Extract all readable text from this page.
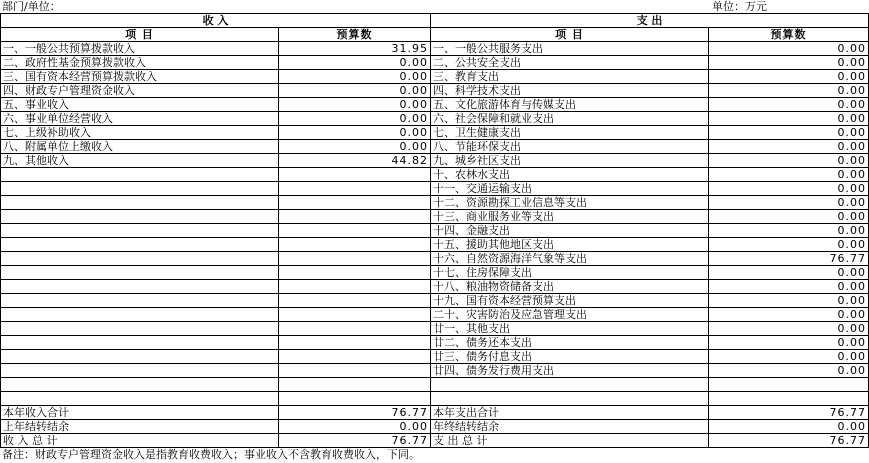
部门/单位：	单位：万元
收 入		支 出	
项 目	预算数	项 目	预算数
一、一般公共预算拨款收入	31.95	一、一般公共服务支出	0.00
二、政府性基金预算拨款收入	0.00	二、公共安全支出	0.00
三、国有资本经营预算拨款收入	0.00	三、教育支出	0.00
四、财政专户管理资金收入	0.00	四、科学技术支出	0.00
五、事业收入	0.00	五、文化旅游体育与传媒支出	0.00
六、事业单位经营收入	0.00	六、社会保障和就业支出	0.00
七、上级补助收入	0.00	七、卫生健康支出	0.00
八、附属单位上缴收入	0.00	八、节能环保支出	0.00
九、其他收入	44.82	九、城乡社区支出	0.00
		十、农林水支出	0.00
		十一、交通运输支出	0.00
		十二、资源勘探工业信息等支出	0.00
		十三、商业服务业等支出	0.00
		十四、金融支出	0.00
		十五、援助其他地区支出	0.00
		十六、自然资源海洋气象等支出	76.77
		十七、住房保障支出	0.00
		十八、粮油物资储备支出	0.00
		十九、国有资本经营预算支出	0.00
		二十、灾害防治及应急管理支出	0.00
		廿一、其他支出	0.00
		廿二、债务还本支出	0.00
		廿三、债务付息支出	0.00
		廿四、债务发行费用支出	0.00

本年收入合计	76.77	本年支出合计	76.77
上年结转结余	0.00	年终结转结余	0.00
收 入 总 计	76.77	支 出 总 计	76.77
备注：财政专户管理资金收入是指教育收费收入；事业收入不含教育收费收入，下同。
